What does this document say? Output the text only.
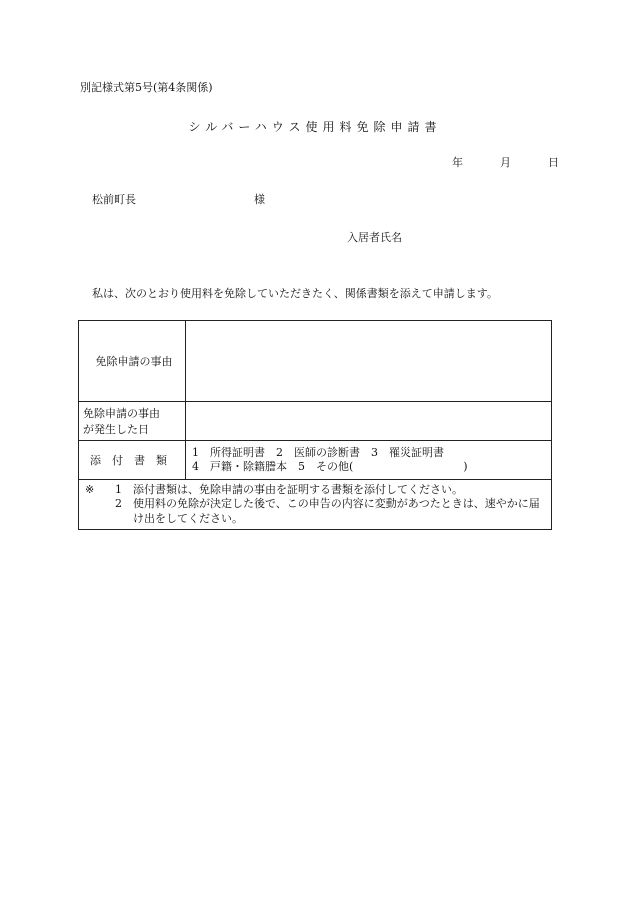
別記様式第5号(第4条関係)
シルバーハウス使用料免除申請書
年	月	日
松前町長	様
入居者氏名
私は、次のとおり使用料を免除していただきたく、関係書類を添えて申請します。
免除申請の事由	

免除申請の事由
が発生した日	

添付書類	1　所得証明書　2　医師の診断書　3　罹災証明書
4　戸籍・除籍謄本　5　その他(　　　　　　　　　　)

※ 1 添付書類は、免除申請の事由を証明する書類を添付してください。
2 使用料の免除が決定した後で、この申告の内容に変動があつたときは、速やかに届け出をしてください。	
